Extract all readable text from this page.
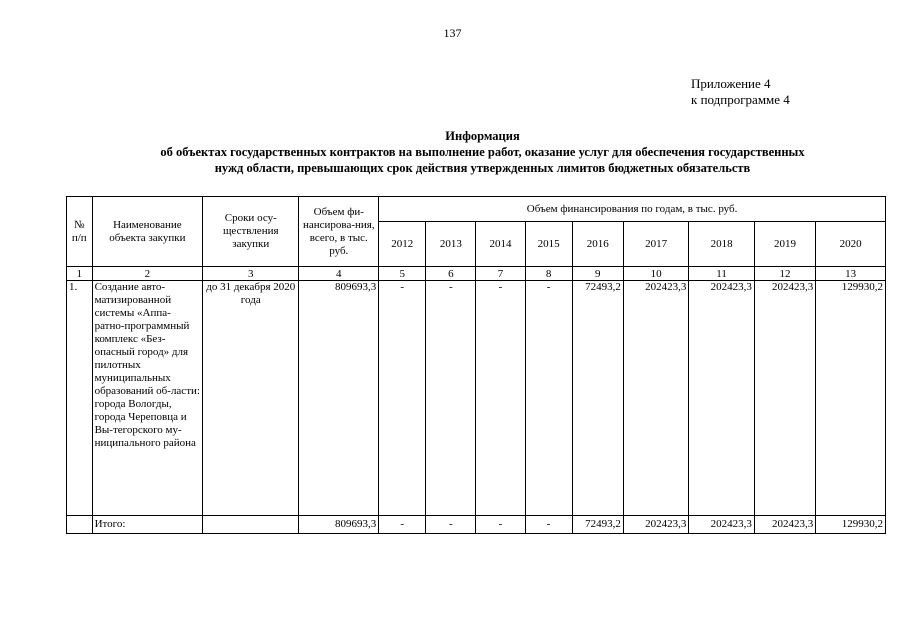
137
Приложение 4
к подпрограмме 4
Информация
об объектах государственных контрактов на выполнение работ, оказание услуг для обеспечения государственных
нужд области, превышающих срок действия утвержденных лимитов бюджетных обязательств
№ п/п	Наименование объекта закупки	Сроки осу-ществления закупки	Объем фи-нансирова-ния, всего, в тыс. руб.	Объем финансирования по годам, в тыс. руб.								
				2012	2013	2014	2015	2016	2017	2018	2019	2020
1	2	3	4	5	6	7	8	9	10	11	12	13
1.	Создание авто-матизированной системы «Аппа-ратно-программный комплекс «Без-опасный город» для пилотных муниципальных образований об-ласти: города Вологды, города Череповца и Вы-тегорского му-ниципального района	до 31 декабря 2020 года	809693,3	-	-	-	-	72493,2	202423,3	202423,3	202423,3	129930,2
	Итого:		809693,3	-	-	-	-	72493,2	202423,3	202423,3	202423,3	129930,2
